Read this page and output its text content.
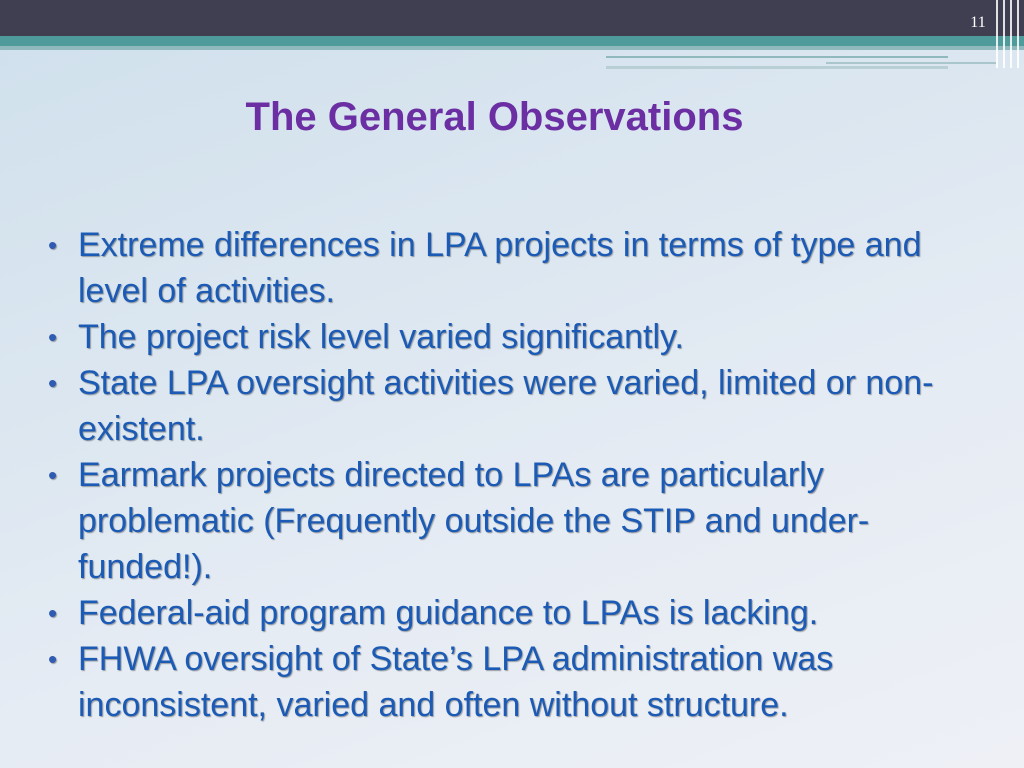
11
The General Observations
• Extreme differences in LPA projects in terms of type and level of activities.
• The project risk level varied significantly.
• State LPA oversight activities were varied, limited or non-existent.
• Earmark projects directed to LPAs are particularly problematic (Frequently outside the STIP and under-funded!).
• Federal-aid program guidance to LPAs is lacking.
• FHWA oversight of State’s LPA administration was inconsistent, varied and often without structure.
